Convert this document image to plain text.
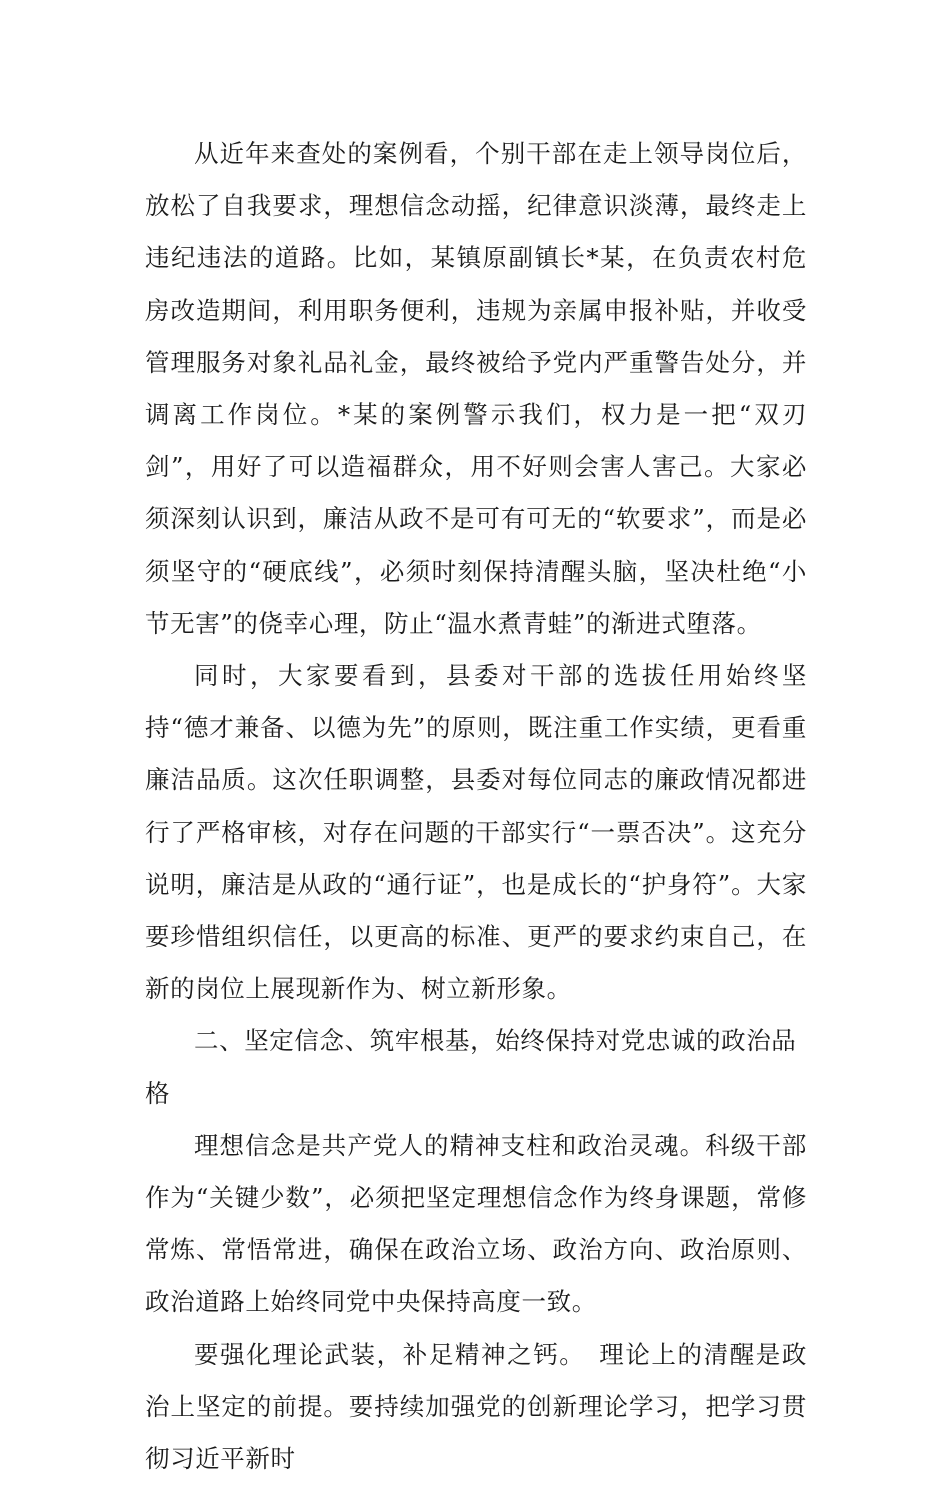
从近年来查处的案例看，个别干部在走上领导岗位后，放松了自我要求，理想信念动摇，纪律意识淡薄，最终走上违纪违法的道路。比如，某镇原副镇长*某，在负责农村危房改造期间，利用职务便利，违规为亲属申报补贴，并收受管理服务对象礼品礼金，最终被给予党内严重警告处分，并调离工作岗位。*某的案例警示我们，权力是一把“双刃剑”，用好了可以造福群众，用不好则会害人害己。大家必须深刻认识到，廉洁从政不是可有可无的“软要求”，而是必须坚守的“硬底线”，必须时刻保持清醒头脑，坚决杜绝“小节无害”的侥幸心理，防止“温水煮青蛙”的渐进式堕落。

同时，大家要看到，县委对干部的选拔任用始终坚持“德才兼备、以德为先”的原则，既注重工作实绩，更看重廉洁品质。这次任职调整，县委对每位同志的廉政情况都进行了严格审核，对存在问题的干部实行“一票否决”。这充分说明，廉洁是从政的“通行证”，也是成长的“护身符”。大家要珍惜组织信任，以更高的标准、更严的要求约束自己，在新的岗位上展现新作为、树立新形象。

二、坚定信念、筑牢根基，始终保持对党忠诚的政治品格

理想信念是共产党人的精神支柱和政治灵魂。科级干部作为“关键少数”，必须把坚定理想信念作为终身课题，常修常炼、常悟常进，确保在政治立场、政治方向、政治原则、政治道路上始终同党中央保持高度一致。

要强化理论武装，补足精神之钙。　理论上的清醒是政治上坚定的前提。要持续加强党的创新理论学习，把学习贯彻习近平新时
